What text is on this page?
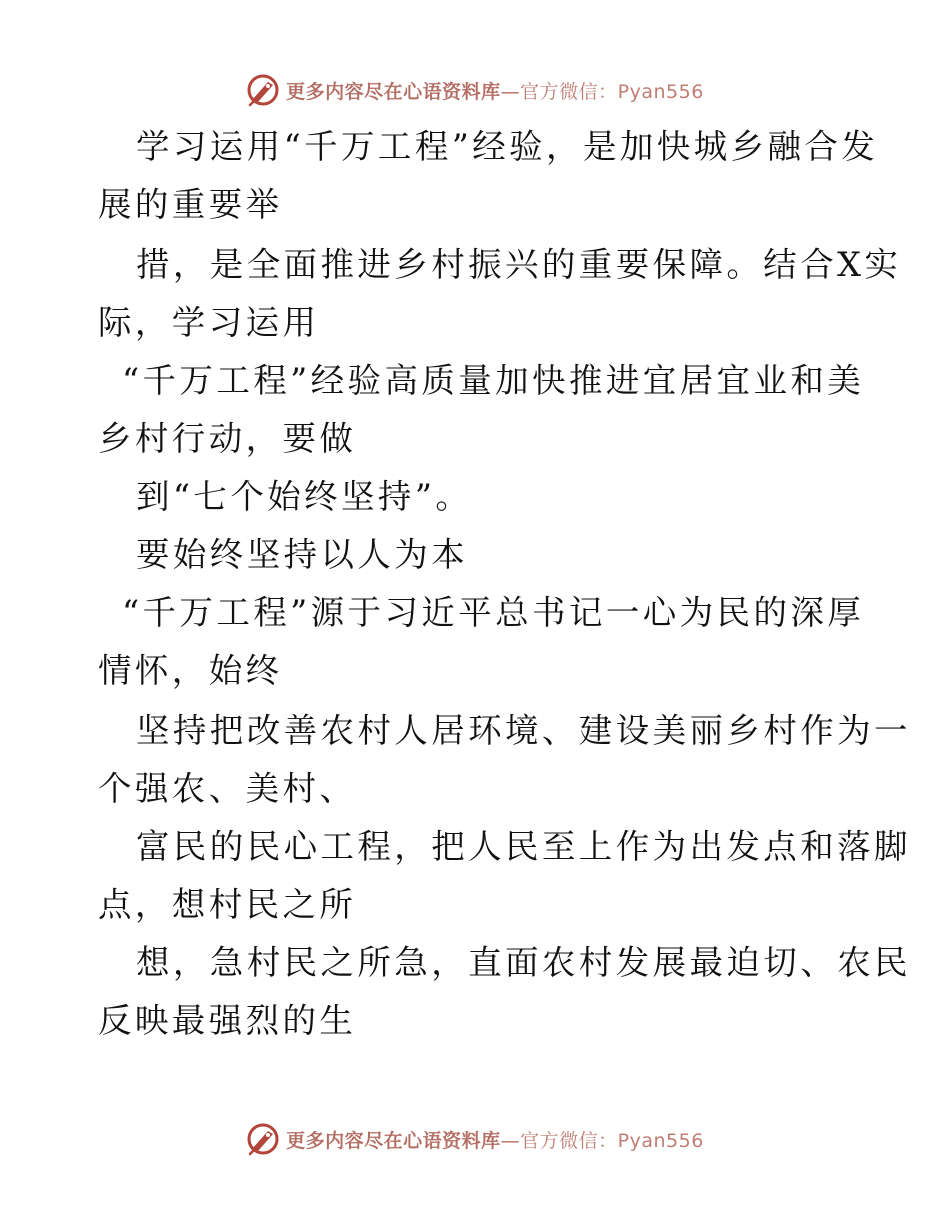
更多内容尽在心语资料库—官方微信：Pyan556
学习运用“千万工程”经验，是加快城乡融合发
展的重要举
措，是全面推进乡村振兴的重要保障。结合X实
际，学习运用
“千万工程”经验高质量加快推进宜居宜业和美
乡村行动，要做
到“七个始终坚持”。
要始终坚持以人为本
“千万工程”源于习近平总书记一心为民的深厚
情怀，始终
坚持把改善农村人居环境、建设美丽乡村作为一
个强农、美村、
富民的民心工程，把人民至上作为出发点和落脚
点，想村民之所
想，急村民之所急，直面农村发展最迫切、农民
反映最强烈的生
更多内容尽在心语资料库—官方微信：Pyan556
